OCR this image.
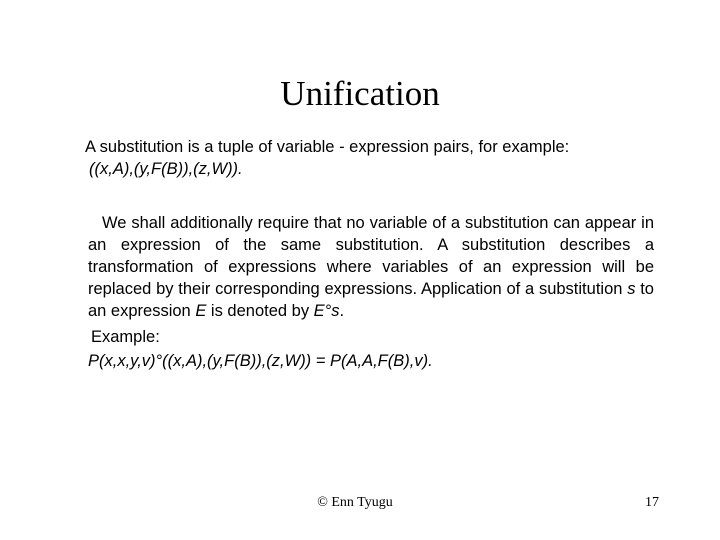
Unification
A substitution is a tuple of variable - expression pairs, for example:
((x,A),(y,F(B)),(z,W)).
We shall additionally require that no variable of a substitution can appear in an expression of the same substitution. A substitution describes a transformation of expressions where variables of an expression will be replaced by their corresponding expressions. Application of a substitution s to an expression E is denoted by E°s.
Example:
P(x,x,y,v)°((x,A),(y,F(B)),(z,W)) = P(A,A,F(B),v).
© Enn Tyugu	17
